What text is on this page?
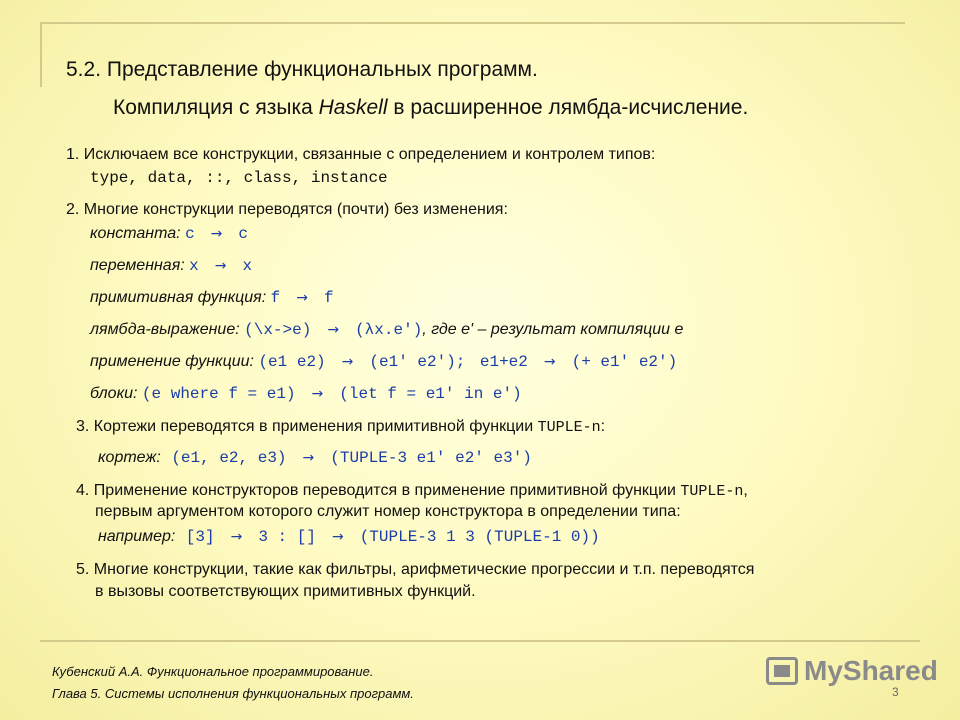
5.2. Представление функциональных программ.
Компиляция с языка Haskell в расширенное лямбда-исчисление.
1. Исключаем все конструкции, связанные с определением и контролем типов:
type, data, ::, class, instance
2. Многие конструкции переводятся (почти) без изменения:
константа: c → c
переменная: x → x
примитивная функция: f → f
лямбда-выражение: (\x->e) → (λx.e'), где e' – результат компиляции e
применение функции: (e1 e2) → (e1' e2'); e1+e2 → (+ e1' e2')
блоки: (e where f = e1) → (let f = e1' in e')
3. Кортежи переводятся в применения примитивной функции TUPLE-n:
кортеж: (e1, e2, e3) → (TUPLE-3 e1' e2' e3')
4. Применение конструкторов переводится в применение примитивной функции TUPLE-n,
первым аргументом которого служит номер конструктора в определении типа:
например: [3] → 3 : [] → (TUPLE-3 1 3 (TUPLE-1 0))
5. Многие конструкции, такие как фильтры, арифметические прогрессии и т.п. переводятся
в вызовы соответствующих примитивных функций.
Кубенский А.А. Функциональное программирование.
Глава 5. Системы исполнения функциональных программ.
MyShared
3
